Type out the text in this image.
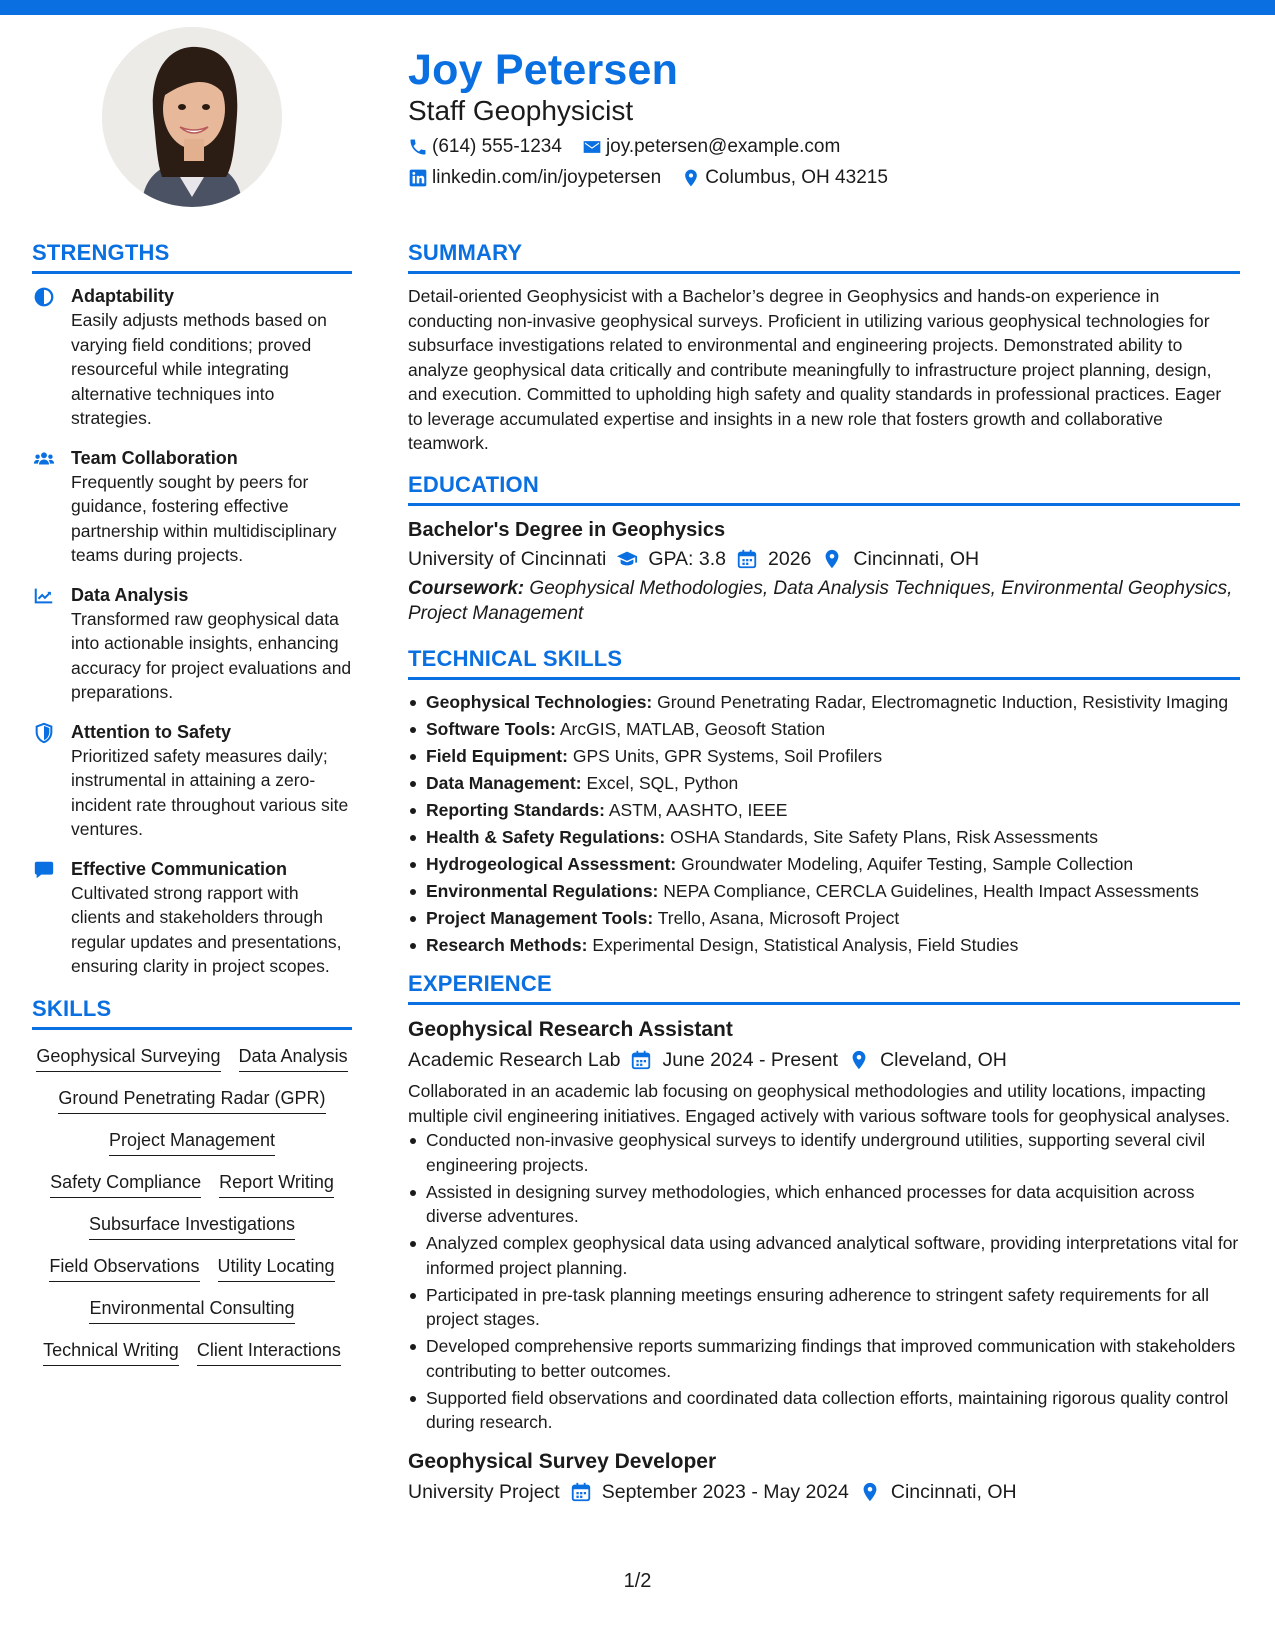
Joy Petersen
Staff Geophysicist
(614) 555-1234 joy.petersen@example.com
linkedin.com/in/joypetersen Columbus, OH 43215
STRENGTHS
Adaptability
Easily adjusts methods based on varying field conditions; proved resourceful while integrating alternative techniques into strategies.
Team Collaboration
Frequently sought by peers for guidance, fostering effective partnership within multidisciplinary teams during projects.
Data Analysis
Transformed raw geophysical data into actionable insights, enhancing accuracy for project evaluations and preparations.
Attention to Safety
Prioritized safety measures daily; instrumental in attaining a zero-incident rate throughout various site ventures.
Effective Communication
Cultivated strong rapport with clients and stakeholders through regular updates and presentations, ensuring clarity in project scopes.
SKILLS
Geophysical Surveying Data Analysis
Ground Penetrating Radar (GPR)
Project Management
Safety Compliance Report Writing
Subsurface Investigations
Field Observations Utility Locating
Environmental Consulting
Technical Writing Client Interactions
SUMMARY
Detail-oriented Geophysicist with a Bachelor’s degree in Geophysics and hands-on experience in conducting non-invasive geophysical surveys. Proficient in utilizing various geophysical technologies for subsurface investigations related to environmental and engineering projects. Demonstrated ability to analyze geophysical data critically and contribute meaningfully to infrastructure project planning, design, and execution. Committed to upholding high safety and quality standards in professional practices. Eager to leverage accumulated expertise and insights in a new role that fosters growth and collaborative teamwork.
EDUCATION
Bachelor's Degree in Geophysics
University of Cincinnati GPA: 3.8 2026 Cincinnati, OH
Coursework: Geophysical Methodologies, Data Analysis Techniques, Environmental Geophysics, Project Management
TECHNICAL SKILLS
Geophysical Technologies: Ground Penetrating Radar, Electromagnetic Induction, Resistivity Imaging
Software Tools: ArcGIS, MATLAB, Geosoft Station
Field Equipment: GPS Units, GPR Systems, Soil Profilers
Data Management: Excel, SQL, Python
Reporting Standards: ASTM, AASHTO, IEEE
Health & Safety Regulations: OSHA Standards, Site Safety Plans, Risk Assessments
Hydrogeological Assessment: Groundwater Modeling, Aquifer Testing, Sample Collection
Environmental Regulations: NEPA Compliance, CERCLA Guidelines, Health Impact Assessments
Project Management Tools: Trello, Asana, Microsoft Project
Research Methods: Experimental Design, Statistical Analysis, Field Studies
EXPERIENCE
Geophysical Research Assistant
Academic Research Lab June 2024 - Present Cleveland, OH
Collaborated in an academic lab focusing on geophysical methodologies and utility locations, impacting multiple civil engineering initiatives. Engaged actively with various software tools for geophysical analyses.
Conducted non-invasive geophysical surveys to identify underground utilities, supporting several civil engineering projects.
Assisted in designing survey methodologies, which enhanced processes for data acquisition across diverse adventures.
Analyzed complex geophysical data using advanced analytical software, providing interpretations vital for informed project planning.
Participated in pre-task planning meetings ensuring adherence to stringent safety requirements for all project stages.
Developed comprehensive reports summarizing findings that improved communication with stakeholders contributing to better outcomes.
Supported field observations and coordinated data collection efforts, maintaining rigorous quality control during research.
Geophysical Survey Developer
University Project September 2023 - May 2024 Cincinnati, OH
1/2
